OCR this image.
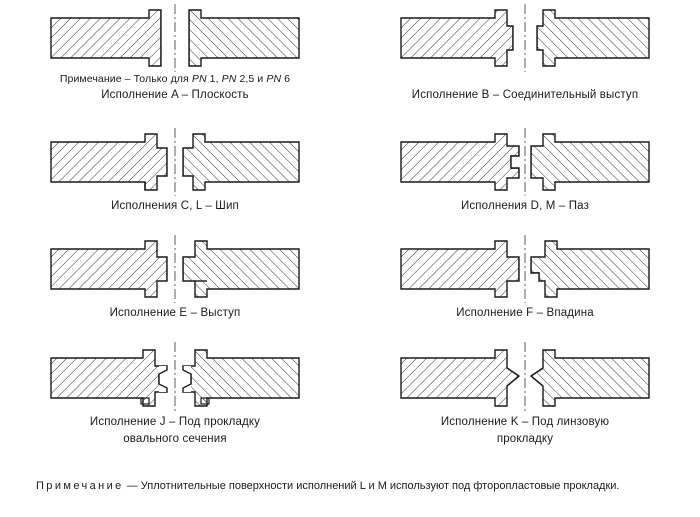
Примечание – Только для PN 1, PN 2,5 и PN 6
Исполнение A – Плоскость	Исполнение B – Соединительный выступ
Исполнения C, L – Шип	Исполнения D, M – Паз
Исполнение E – Выступ	Исполнение F – Впадина
Исполнение J – Под прокладку
овального сечения
Исполнение K – Под линзовую
прокладку
Примечание — Уплотнительные поверхности исполнений L и M используют под фторопластовые прокладки.
